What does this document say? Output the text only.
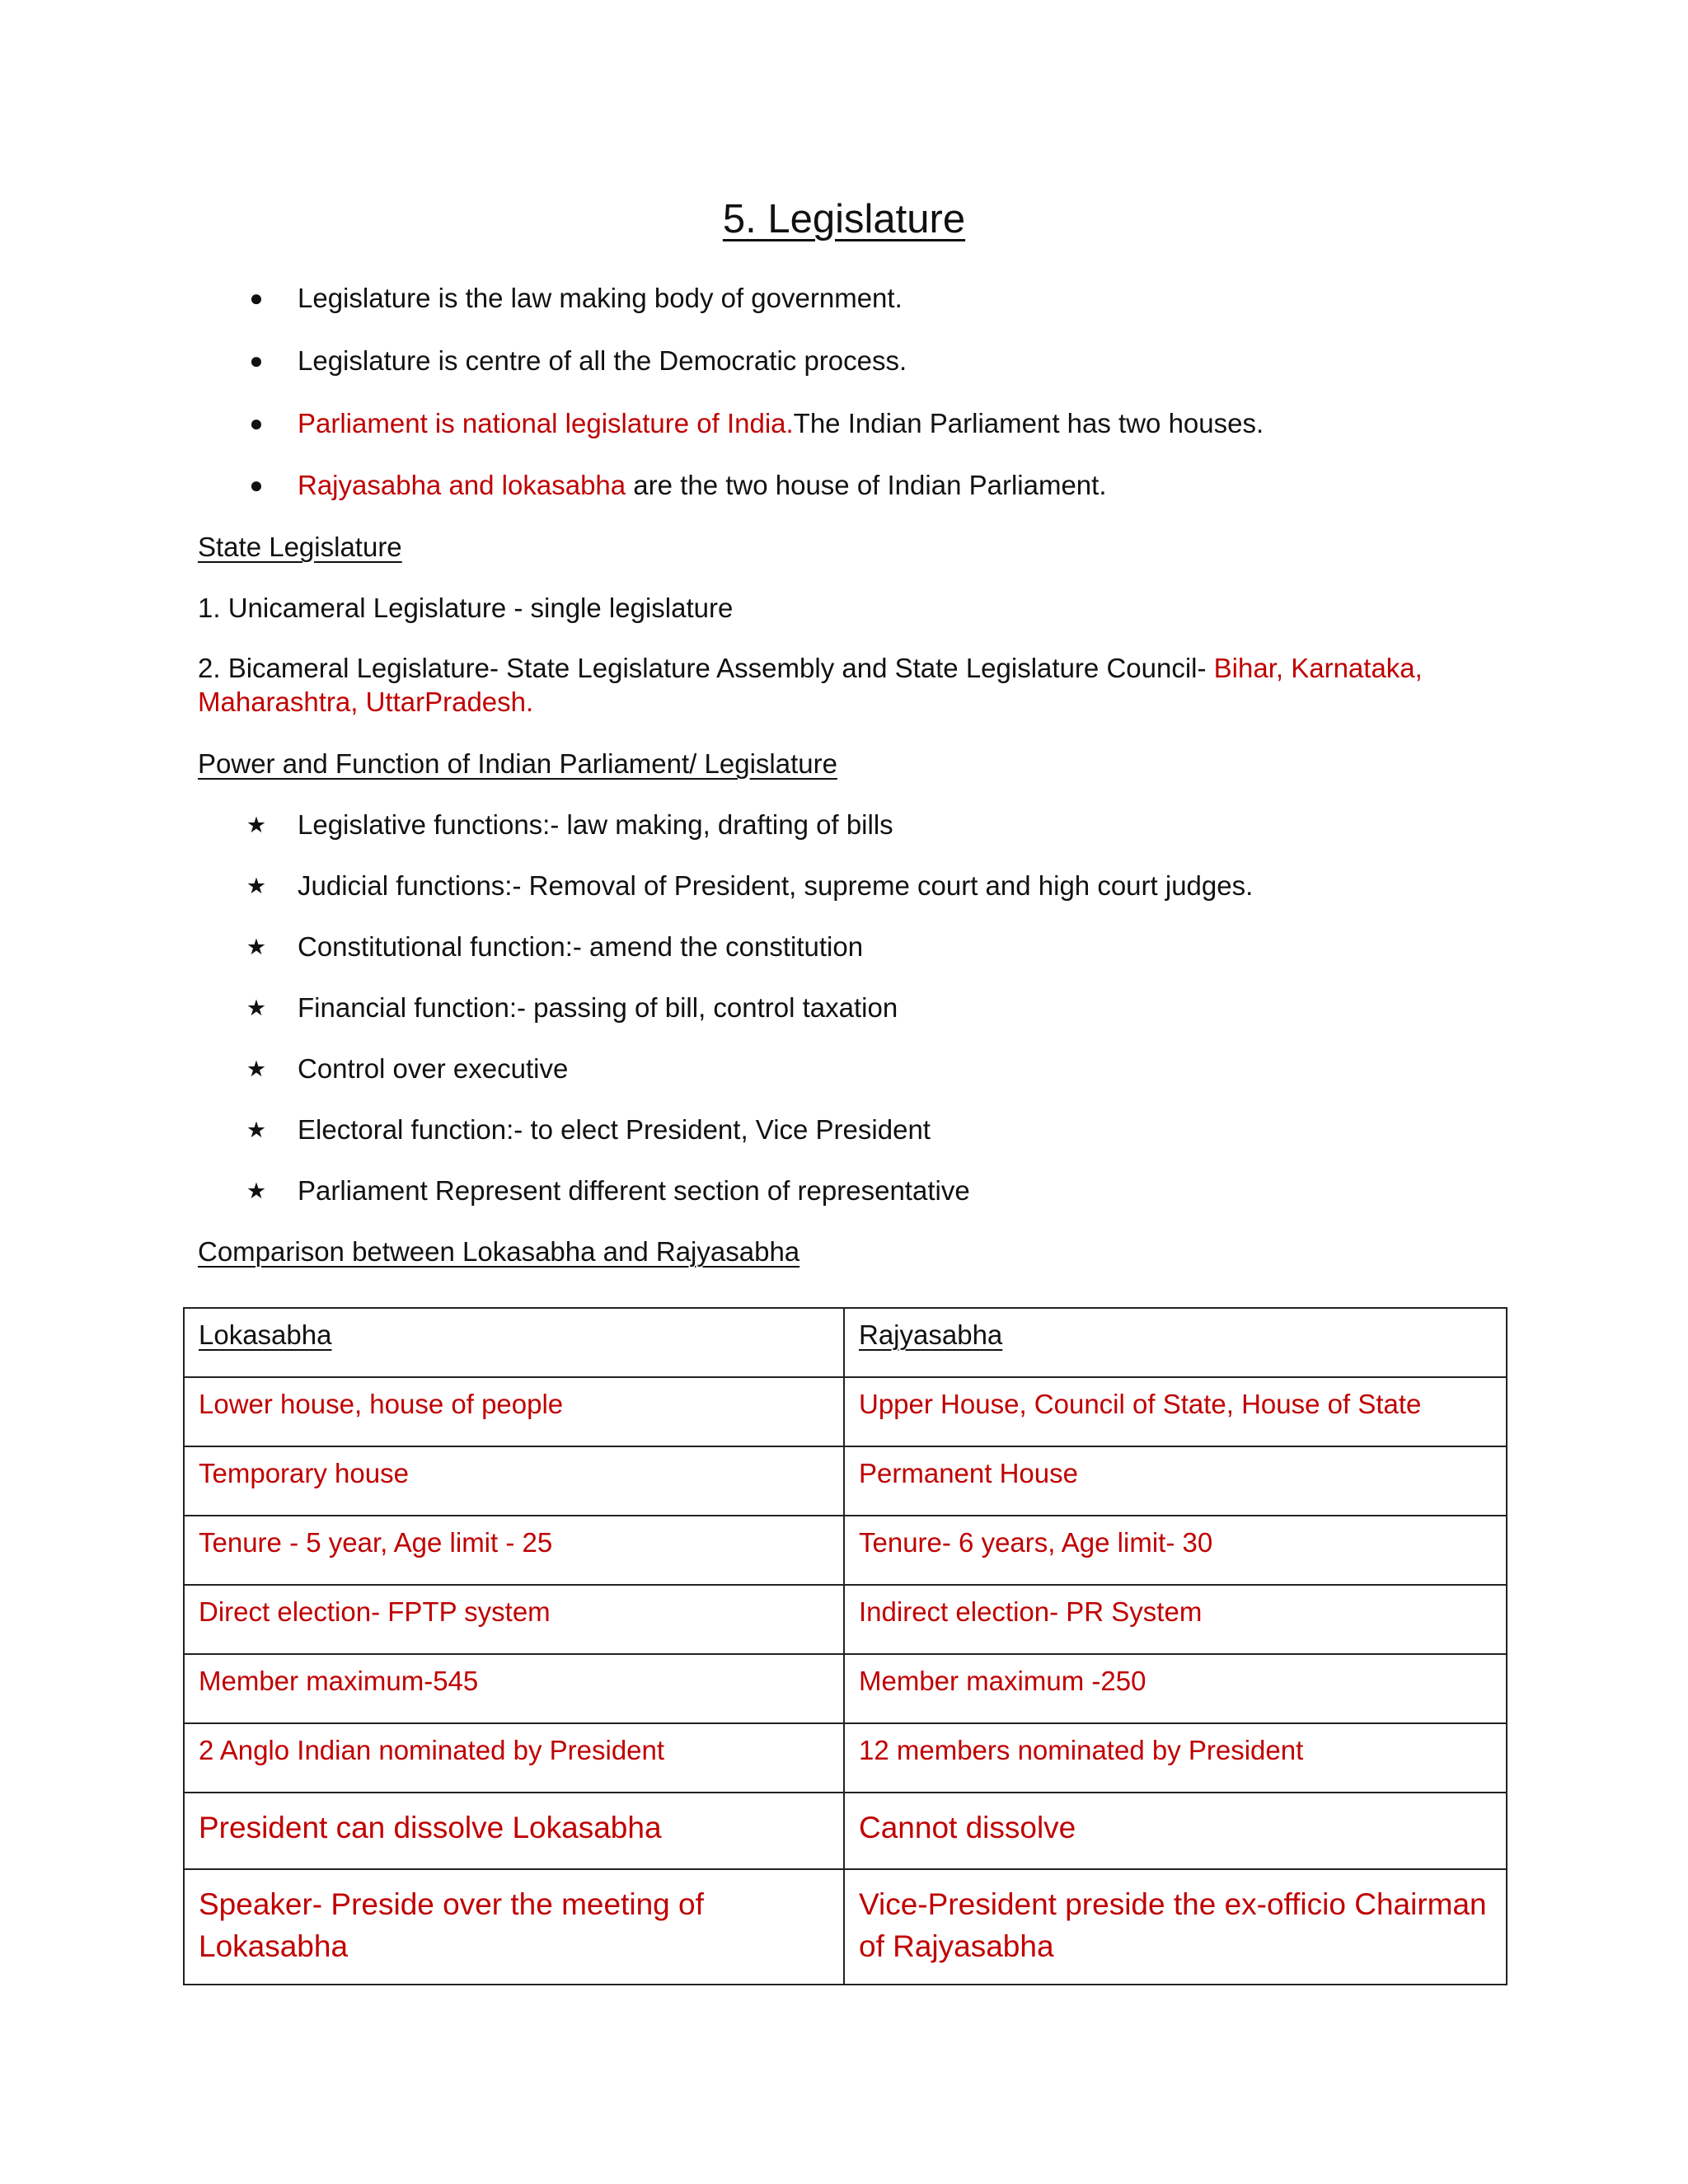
5. Legislature
● Legislature is the law making body of government.
● Legislature is centre of all the Democratic process.
● Parliament is national legislature of India.The Indian Parliament has two houses.
● Rajyasabha and lokasabha are the two house of Indian Parliament.
State Legislature
1. Unicameral Legislature - single legislature
2. Bicameral Legislature- State Legislature Assembly and State Legislature Council- Bihar, Karnataka, Maharashtra, UttarPradesh.
Power and Function of Indian Parliament/ Legislature
★ Legislative functions:- law making, drafting of bills
★ Judicial functions:- Removal of President, supreme court and high court judges.
★ Constitutional function:- amend the constitution
★ Financial function:- passing of bill, control taxation
★ Control over executive
★ Electoral function:- to elect President, Vice President
★ Parliament Represent different section of representative
Comparison between Lokasabha and Rajyasabha
Lokasabha	Rajyasabha
Lower house, house of people	Upper House, Council of State, House of State
Temporary house	Permanent House
Tenure - 5 year, Age limit - 25	Tenure- 6 years, Age limit- 30
Direct election- FPTP system	Indirect election- PR System
Member maximum-545	Member maximum -250
2 Anglo Indian nominated by President	12 members nominated by President
President can dissolve Lokasabha	Cannot dissolve
Speaker- Preside over the meeting of Lokasabha	Vice-President preside the ex-officio Chairman of Rajyasabha
